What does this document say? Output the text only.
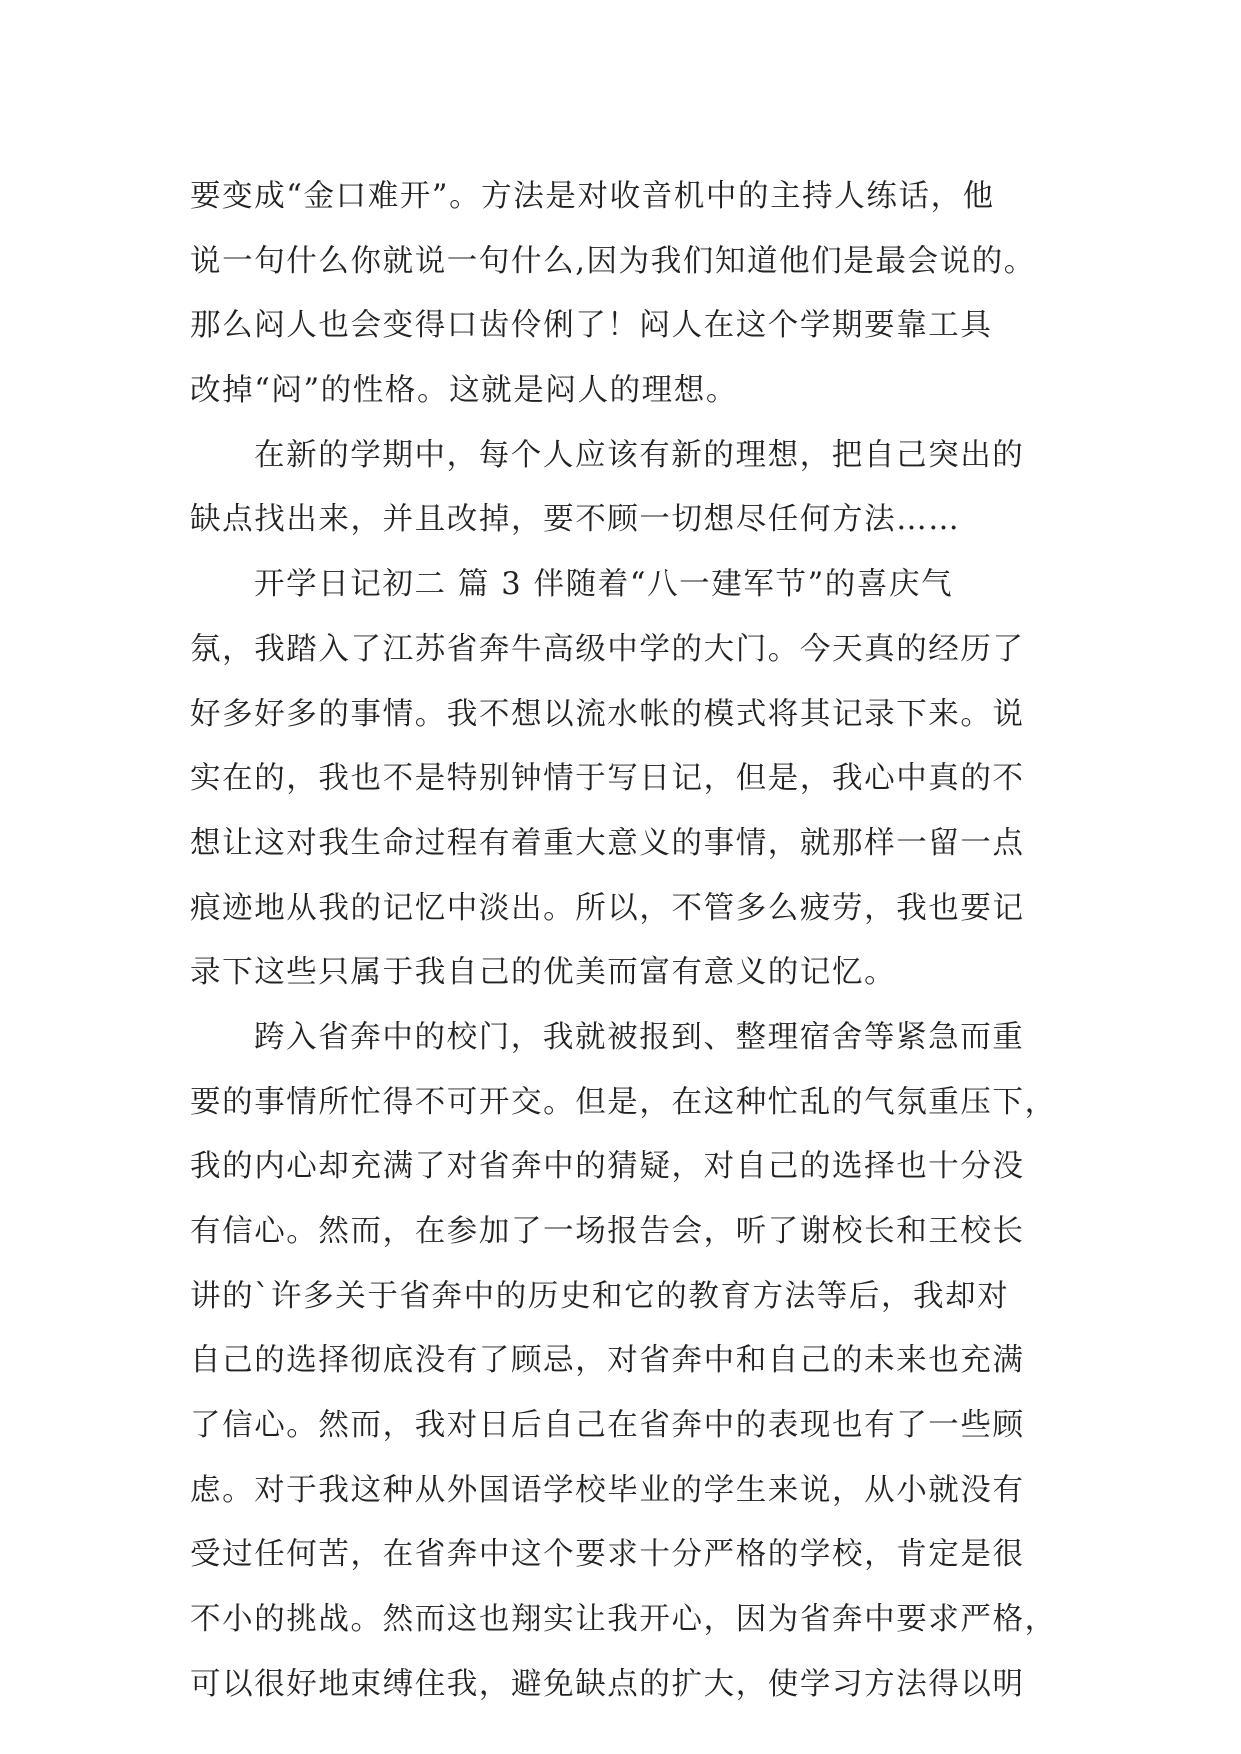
要变成“金口难开”。方法是对收音机中的主持人练话，他
说一句什么你就说一句什么,因为我们知道他们是最会说的。
那么闷人也会变得口齿伶俐了！闷人在这个学期要靠工具
改掉“闷”的性格。这就是闷人的理想。
在新的学期中，每个人应该有新的理想，把自己突出的
缺点找出来，并且改掉，要不顾一切想尽任何方法……
开学日记初二 篇 3 伴随着“八一建军节”的喜庆气
氛，我踏入了江苏省奔牛高级中学的大门。今天真的经历了
好多好多的事情。我不想以流水帐的模式将其记录下来。说
实在的，我也不是特别钟情于写日记，但是，我心中真的不
想让这对我生命过程有着重大意义的事情，就那样一留一点
痕迹地从我的记忆中淡出。所以，不管多么疲劳，我也要记
录下这些只属于我自己的优美而富有意义的记忆。
跨入省奔中的校门，我就被报到、整理宿舍等紧急而重
要的事情所忙得不可开交。但是，在这种忙乱的气氛重压下，
我的内心却充满了对省奔中的猜疑，对自己的选择也十分没
有信心。然而，在参加了一场报告会，听了谢校长和王校长
讲的`许多关于省奔中的历史和它的教育方法等后，我却对
自己的选择彻底没有了顾忌，对省奔中和自己的未来也充满
了信心。然而，我对日后自己在省奔中的表现也有了一些顾
虑。对于我这种从外国语学校毕业的学生来说，从小就没有
受过任何苦，在省奔中这个要求十分严格的学校，肯定是很
不小的挑战。然而这也翔实让我开心，因为省奔中要求严格，
可以很好地束缚住我，避免缺点的扩大，使学习方法得以明
